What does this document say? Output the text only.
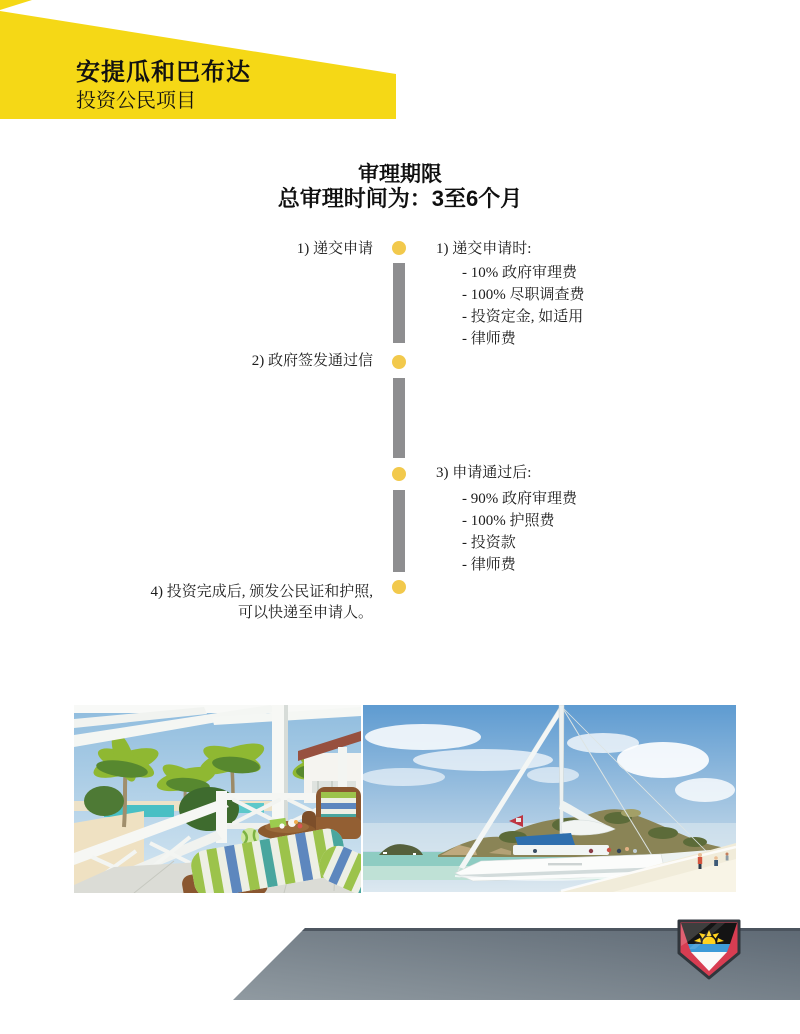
安提瓜和巴布达
投资公民项目
审理期限
总审理时间为：3至6个月
1) 递交申请
2) 政府签发通过信
4) 投资完成后, 颁发公民证和护照,
可以快递至申请人。
1) 递交申请时:
- 10% 政府审理费
- 100% 尽职调查费
- 投资定金, 如适用
- 律师费
3) 申请通过后:
- 90% 政府审理费
- 100% 护照费
- 投资款
- 律师费
